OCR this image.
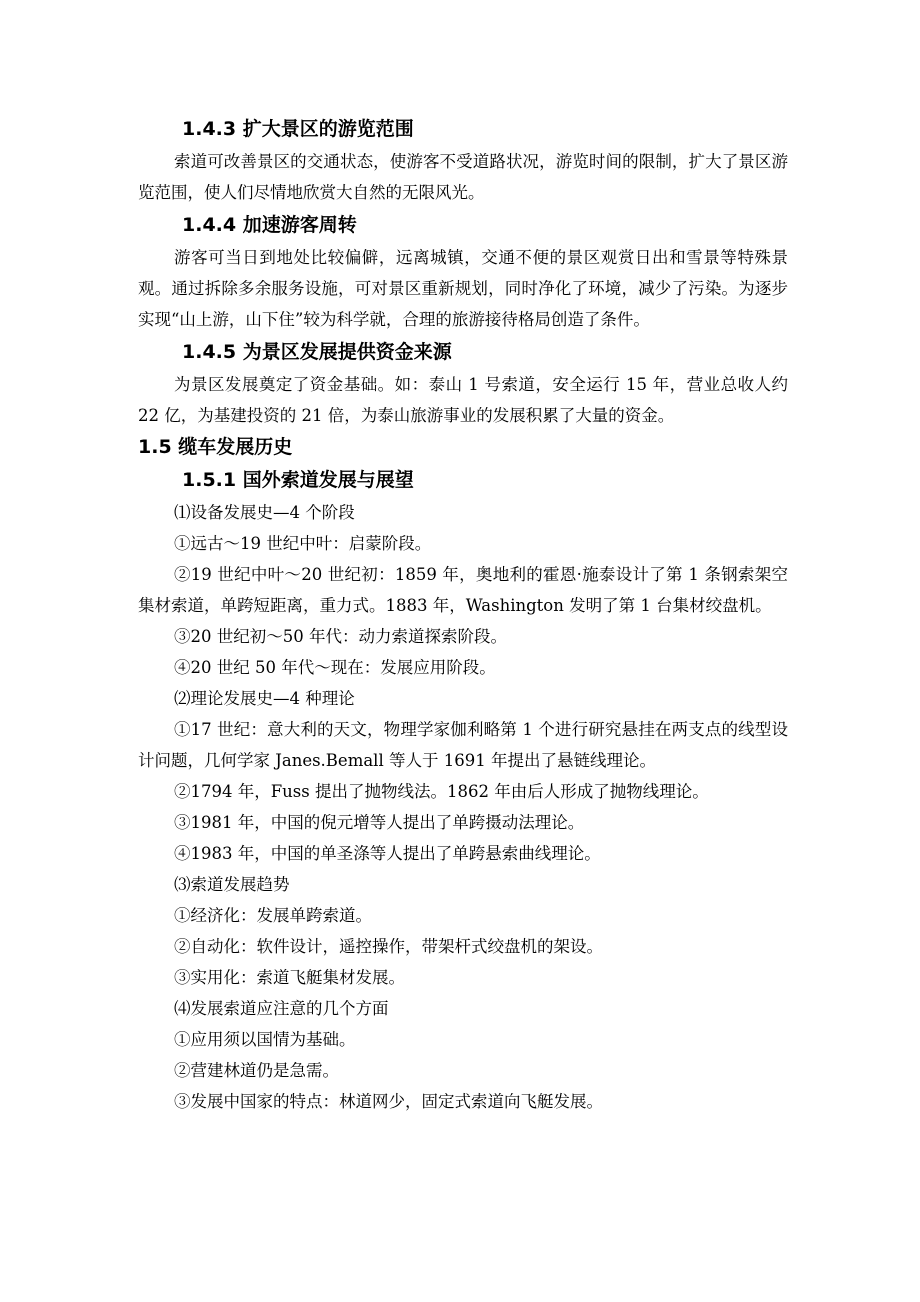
1.4.3 扩大景区的游览范围

索道可改善景区的交通状态，使游客不受道路状况，游览时间的限制，扩大了景区游览范围，使人们尽情地欣赏大自然的无限风光。

1.4.4 加速游客周转

游客可当日到地处比较偏僻，远离城镇，交通不便的景区观赏日出和雪景等特殊景观。通过拆除多余服务设施，可对景区重新规划，同时净化了环境，减少了污染。为逐步实现“山上游，山下住”较为科学就，合理的旅游接待格局创造了条件。

1.4.5 为景区发展提供资金来源

为景区发展奠定了资金基础。如：泰山 1 号索道，安全运行 15 年，营业总收人约 22 亿，为基建投资的 21 倍，为泰山旅游事业的发展积累了大量的资金。

1.5 缆车发展历史
1.5.1 国外索道发展与展望

⑴设备发展史—4 个阶段

①远古～19 世纪中叶：启蒙阶段。

②19 世纪中叶～20 世纪初：1859 年，奥地利的霍恩·施泰设计了第 1 条钢索架空集材索道，单跨短距离，重力式。1883 年，Washington 发明了第 1 台集材绞盘机。

③20 世纪初～50 年代：动力索道探索阶段。

④20 世纪 50 年代～现在：发展应用阶段。

⑵理论发展史—4 种理论

①17 世纪：意大利的天文，物理学家伽利略第 1 个进行研究悬挂在两支点的线型设计问题，几何学家 Janes.Bemall 等人于 1691 年提出了悬链线理论。

②1794 年，Fuss 提出了抛物线法。1862 年由后人形成了抛物线理论。

③1981 年，中国的倪元增等人提出了单跨摄动法理论。

④1983 年，中国的单圣涤等人提出了单跨悬索曲线理论。

⑶索道发展趋势

①经济化：发展单跨索道。

②自动化：软件设计，遥控操作，带架杆式绞盘机的架设。

③实用化：索道飞艇集材发展。

⑷发展索道应注意的几个方面

①应用须以国情为基础。

②营建林道仍是急需。

③发展中国家的特点：林道网少，固定式索道向飞艇发展。
